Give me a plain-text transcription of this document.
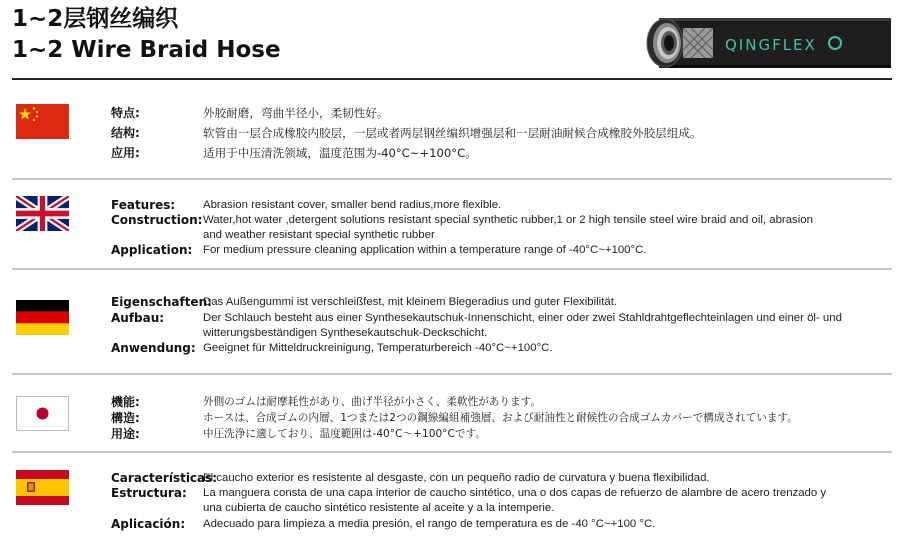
1~2层钢丝编织
1~2 Wire Braid Hose	QINGFLEX
特点:
结构:
应用:
外胶耐磨，弯曲半径小，柔韧性好。
软管由一层合成橡胶内胶层，一层或者两层钢丝编织增强层和一层耐油耐候合成橡胶外胶层组成。
适用于中压清洗领域，温度范围为-40°C~+100°C。
Features:
Construction:
Application:
Abrasion resistant cover, smaller bend radius,more flexible.
Water,hot water ,detergent solutions resistant special synthetic rubber,1 or 2 high tensile steel wire braid and oil, abrasion
and weather resistant special synthetic rubber
For medium pressure cleaning application within a temperature range of -40°C~+100°C.
Eigenschaften:
Aufbau:
Anwendung:
Das Außengummi ist verschleißfest, mit kleinem Biegeradius und guter Flexibilität.
Der Schlauch besteht aus einer Synthesekautschuk-Innenschicht, einer oder zwei Stahldrahtgeflechteinlagen und einer öl- und
witterungsbeständigen Synthesekautschuk-Deckschicht.
Geeignet für Mitteldruckreinigung, Temperaturbereich -40°C~+100°C.
機能:
構造:
用途:
外側のゴムは耐摩耗性があり、曲げ半径が小さく、柔軟性があります。
ホースは、合成ゴムの内層、1つまたは2つの鋼線編組補強層、および耐油性と耐候性の合成ゴムカバーで構成されています。
中圧洗浄に適しており、温度範囲は-40°C～+100°Cです。
Características:
Estructura:
Aplicación:
El caucho exterior es resistente al desgaste, con un pequeño radio de curvatura y buena flexibilidad.
La manguera consta de una capa interior de caucho sintético, una o dos capas de refuerzo de alambre de acero trenzado y
una cubierta de caucho sintético resistente al aceite y a la intemperie.
Adecuado para limpieza a media presión, el rango de temperatura es de -40 °C~+100 °C.
